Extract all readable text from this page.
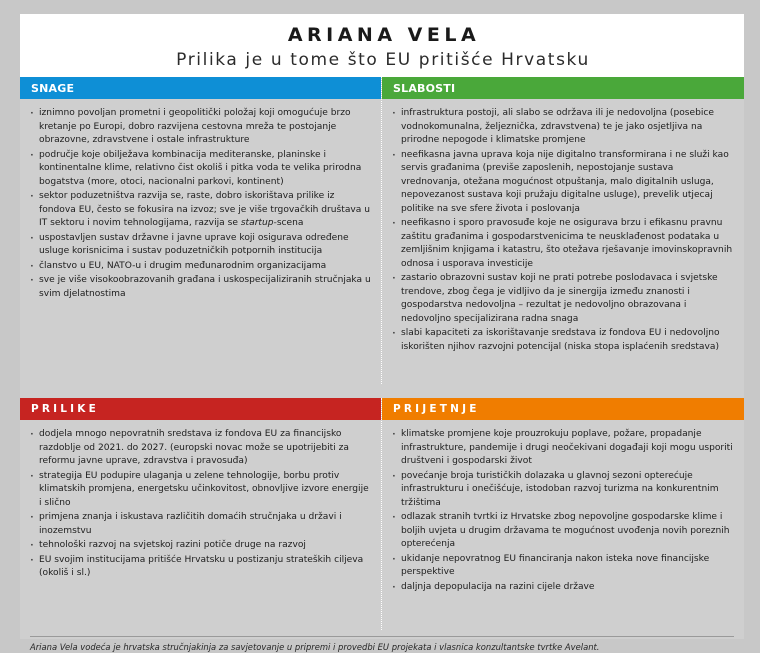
ARIANA VELA
Prilika je u tome što EU pritišće Hrvatsku
SNAGE
· iznimno povoljan prometni i geopolitički položaj koji omogućuje brzo kretanje po Europi, dobro razvijena cestovna mreža te postojanje obrazovne, zdravstvene i ostale infrastrukture
· područje koje obilježava kombinacija mediteranske, planinske i kontinentalne klime, relativno čist okoliš i pitka voda te velika prirodna bogatstva (more, otoci, nacionalni parkovi, kontinent)
· sektor poduzetništva razvija se, raste, dobro iskorištava prilike iz fondova EU, često se fokusira na izvoz; sve je više trgovačkih društava u IT sektoru i novim tehnologijama, razvija se startup-scena
· uspostavljen sustav državne i javne uprave koji osigurava određene usluge korisnicima i sustav poduzetničkih potpornih institucija
· članstvo u EU, NATO-u i drugim međunarodnim organizacijama
· sve je više visokoobrazovanih građana i uskospecijaliziranih stručnjaka u svim djelatnostima
SLABOSTI
· infrastruktura postoji, ali slabo se održava ili je nedovoljna (posebice vodnokomunalna, željeznička, zdravstvena) te je jako osjetljiva na prirodne nepogode i klimatske promjene
· neefikasna javna uprava koja nije digitalno transformirana i ne služi kao servis građanima (previše zaposlenih, nepostojanje sustava vrednovanja, otežana mogućnost otpuštanja, malo digitalnih usluga, nepovezanost sustava koji pružaju digitalne usluge), prevelik utjecaj politike na sve sfere života i poslovanja
· neefikasno i sporo pravosuđe koje ne osigurava brzu i efikasnu pravnu zaštitu građanima i gospodarstvenicima te neusklađenost podataka u zemljišnim knjigama i katastru, što otežava rješavanje imovinskopravnih odnosa i usporava investicije
· zastario obrazovni sustav koji ne prati potrebe poslodavaca i svjetske trendove, zbog čega je vidljivo da je sinergija između znanosti i gospodarstva nedovoljna – rezultat je nedovoljno obrazovana i nedovoljno specijalizirana radna snaga
· slabi kapaciteti za iskorištavanje sredstava iz fondova EU i nedovoljno iskorišten njihov razvojni potencijal (niska stopa isplaćenih sredstava)
PRILIKE
· dodjela mnogo nepovratnih sredstava iz fondova EU za financijsko razdoblje od 2021. do 2027. (europski novac može se upotrijebiti za reformu javne uprave, zdravstva i pravosuđa)
· strategija EU podupire ulaganja u zelene tehnologije, borbu protiv klimatskih promjena, energetsku učinkovitost, obnovljive izvore energije i slično
· primjena znanja i iskustava različitih domaćih stručnjaka u državi i inozemstvu
· tehnološki razvoj na svjetskoj razini potiče druge na razvoj
· EU svojim institucijama pritišće Hrvatsku u postizanju strateških ciljeva (okoliš i sl.)
PRIJETNJE
· klimatske promjene koje prouzrokuju poplave, požare, propadanje infrastrukture, pandemije i drugi neočekivani događaji koji mogu usporiti društveni i gospodarski život
· povećanje broja turističkih dolazaka u glavnoj sezoni opterećuje infrastrukturu i onečišćuje, istodoban razvoj turizma na konkurentnim tržištima
· odlazak stranih tvrtki iz Hrvatske zbog nepovoljne gospodarske klime i boljih uvjeta u drugim državama te mogućnost uvođenja novih poreznih opterećenja
· ukidanje nepovratnog EU financiranja nakon isteka nove financijske perspektive
· daljnja depopulacija na razini cijele države

Ariana Vela vodeća je hrvatska stručnjakinja za savjetovanje u pripremi i provedbi EU projekata i vlasnica konzultantske tvrtke Avelant.
